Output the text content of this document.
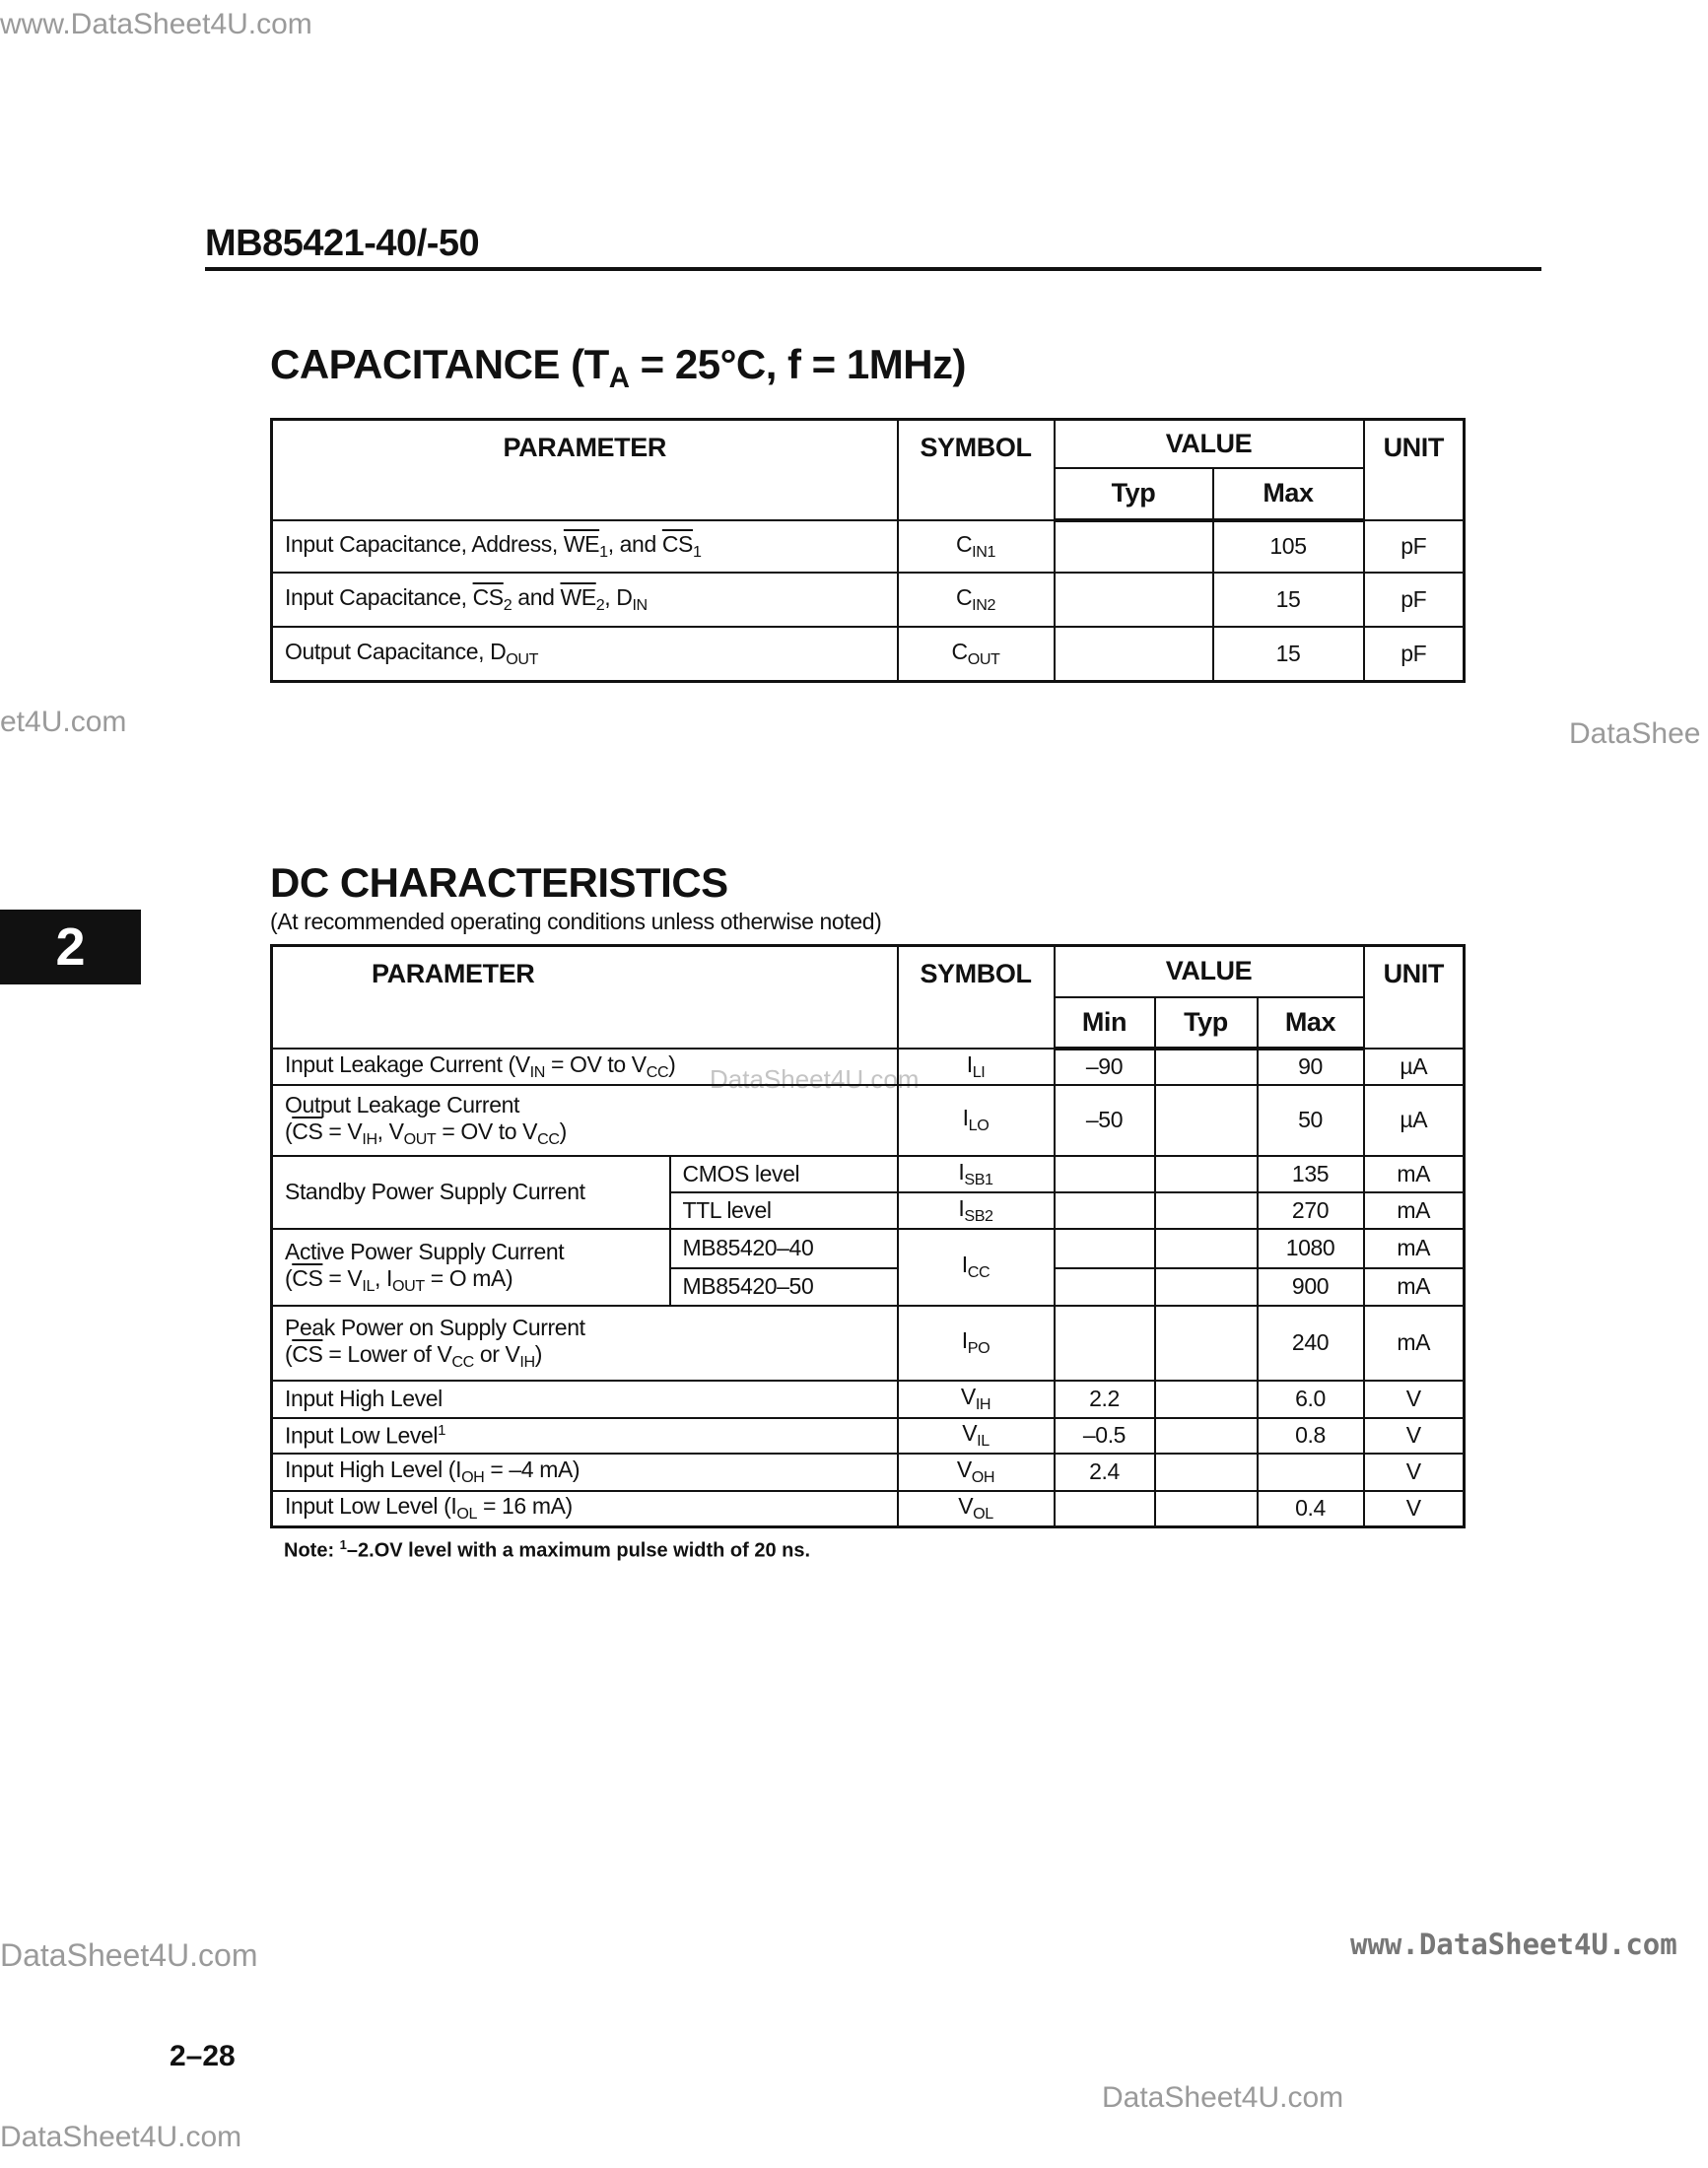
www.DataSheet4U.com
et4U.com	DataShee
DataSheet4U.com	www.DataSheet4U.com
DataSheet4U.com
DataSheet4U.com
DataSheet4U.com
MB85421-40/-50
2
CAPACITANCE ($T_A = 25^\circ C$, f = 1MHz)
PARAMETER	SYMBOL	VALUE		UNIT
		Typ	Max	
Input Capacitance, Address, $\overline{WE}_1$, and $\overline{CS}_1$	$C_{IN1}$		105	pF
Input Capacitance, $\overline{CS}_2$ and $\overline{WE}_2$, $D_{IN}$	$C_{IN2}$		15	pF
Output Capacitance, $D_{OUT}$	$C_{OUT}$		15	pF
DC CHARACTERISTICS
(At recommended operating conditions unless otherwise noted)
PARAMETER		SYMBOL	VALUE			UNIT
			Min	Typ	Max	
Input Leakage Current ($V_{IN}$ = OV to $V_{CC}$)		$I_{LI}$	–90		90	µA
Output Leakage Current
($\overline{CS} = V_{IH}$, $V_{OUT}$ = OV to $V_{CC}$)		$I_{LO}$	–50		50	µA
Standby Power Supply Current	CMOS level	$I_{SB1}$			135	mA
	TTL level	$I_{SB2}$			270	mA
Active Power Supply Current
($\overline{CS} = V_{IL}$, $I_{OUT} = O$ mA)	MB85420–40	$I_{CC}$			1080	mA
	MB85420–50				900	mA
Peak Power on Supply Current
($\overline{CS}$ = Lower of $V_{CC}$ or $V_{IH}$)		$I_{PO}$			240	mA
Input High Level		$V_{IH}$	2.2		6.0	V
Input Low Level$^1$		$V_{IL}$	–0.5		0.8	V
Input High Level ($I_{OH} = -4$ mA)		$V_{OH}$	2.4			V
Input Low Level ($I_{OL} = 16$ mA)		$V_{OL}$			0.4	V
Note: $^1$–2.OV level with a maximum pulse width of 20 ns.
2–28
